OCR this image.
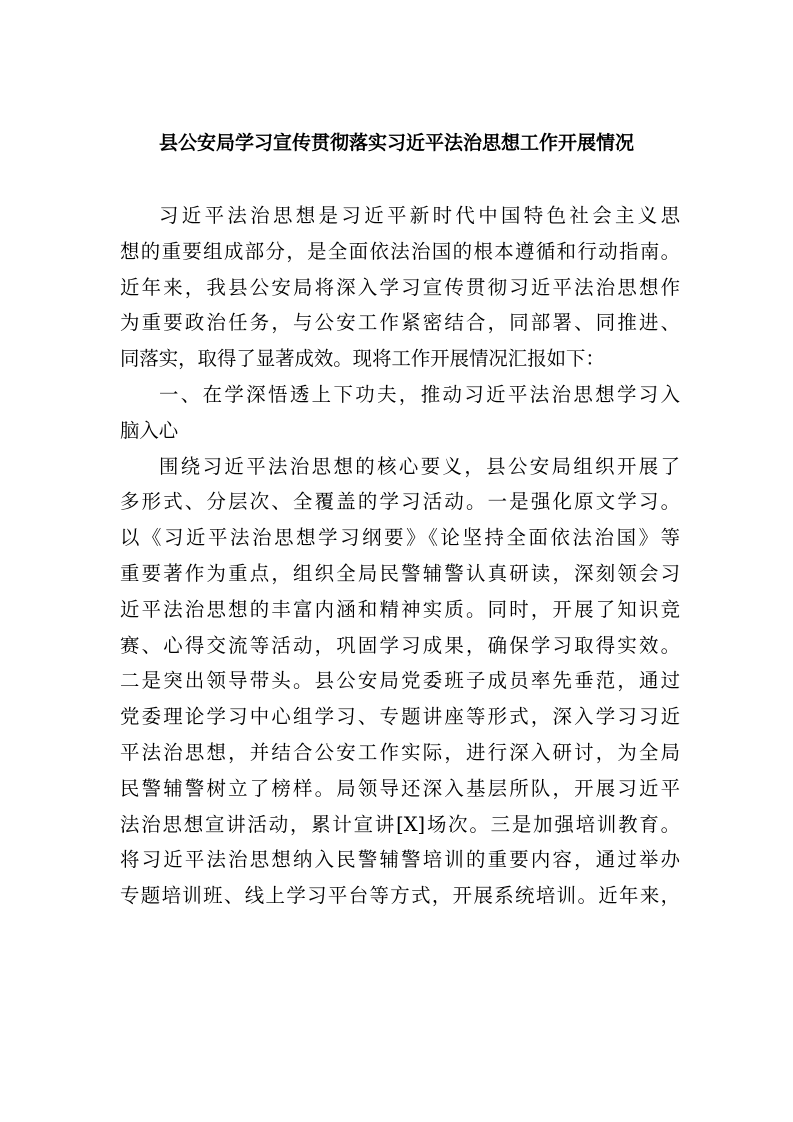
县公安局学习宣传贯彻落实习近平法治思想工作开展情况
习近平法治思想是习近平新时代中国特色社会主义思
想的重要组成部分，是全面依法治国的根本遵循和行动指南。
近年来，我县公安局将深入学习宣传贯彻习近平法治思想作
为重要政治任务，与公安工作紧密结合，同部署、同推进、
同落实，取得了显著成效。现将工作开展情况汇报如下：
一、在学深悟透上下功夫，推动习近平法治思想学习入
脑入心
围绕习近平法治思想的核心要义，县公安局组织开展了
多形式、分层次、全覆盖的学习活动。一是强化原文学习。
以《习近平法治思想学习纲要》《论坚持全面依法治国》等
重要著作为重点，组织全局民警辅警认真研读，深刻领会习
近平法治思想的丰富内涵和精神实质。同时，开展了知识竞
赛、心得交流等活动，巩固学习成果，确保学习取得实效。
二是突出领导带头。县公安局党委班子成员率先垂范，通过
党委理论学习中心组学习、专题讲座等形式，深入学习习近
平法治思想，并结合公安工作实际，进行深入研讨，为全局
民警辅警树立了榜样。局领导还深入基层所队，开展习近平
法治思想宣讲活动，累计宣讲[X]场次。三是加强培训教育。
将习近平法治思想纳入民警辅警培训的重要内容，通过举办
专题培训班、线上学习平台等方式，开展系统培训。近年来，
